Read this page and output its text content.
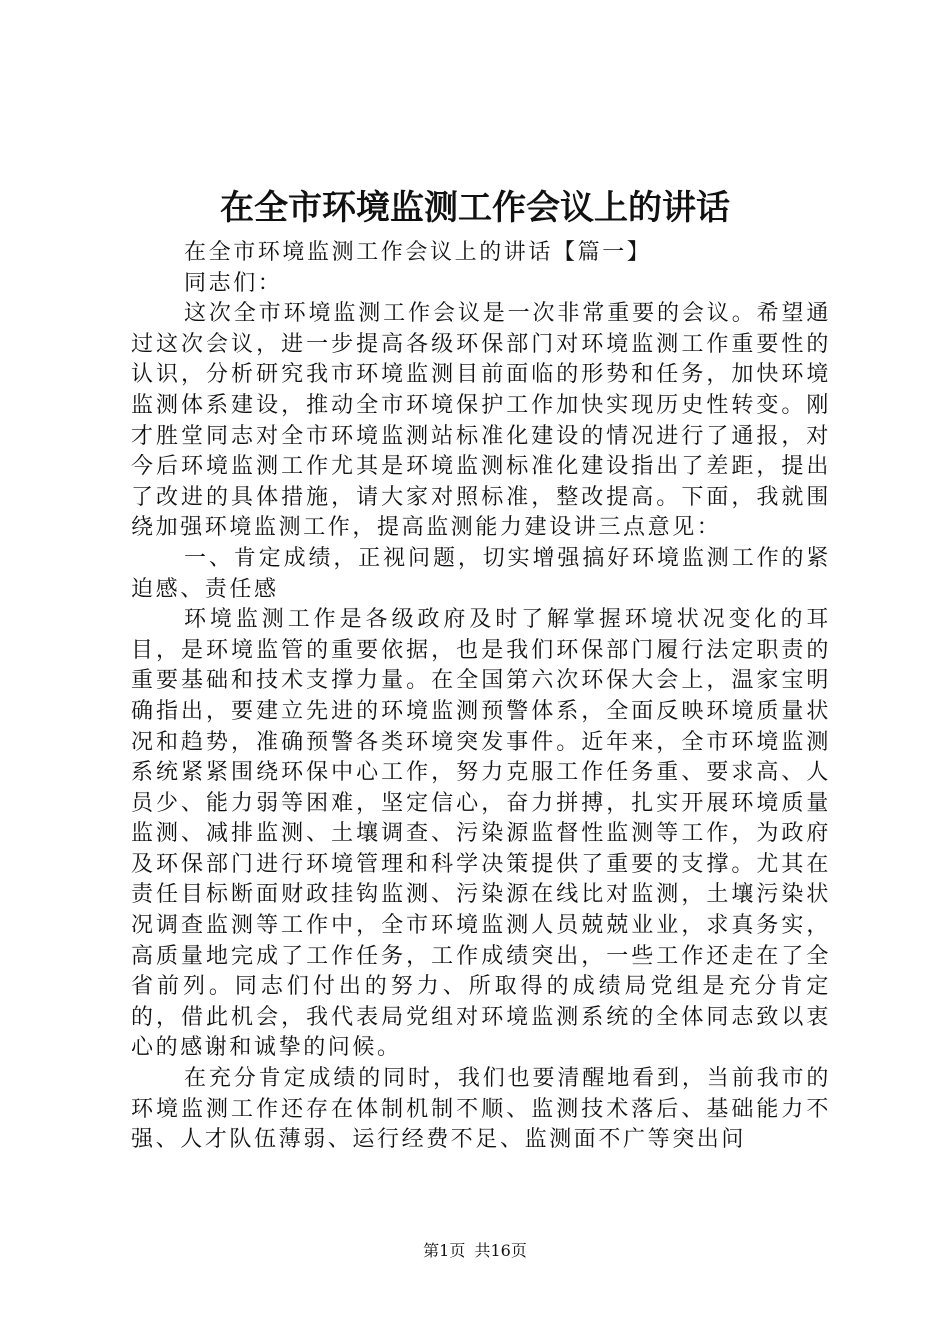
在全市环境监测工作会议上的讲话

在全市环境监测工作会议上的讲话【篇一】

同志们：

这次全市环境监测工作会议是一次非常重要的会议。希望通过这次会议，进一步提高各级环保部门对环境监测工作重要性的认识，分析研究我市环境监测目前面临的形势和任务，加快环境监测体系建设，推动全市环境保护工作加快实现历史性转变。刚才胜堂同志对全市环境监测站标准化建设的情况进行了通报，对今后环境监测工作尤其是环境监测标准化建设指出了差距，提出了改进的具体措施，请大家对照标准，整改提高。下面，我就围绕加强环境监测工作，提高监测能力建设讲三点意见：

一、肯定成绩，正视问题，切实增强搞好环境监测工作的紧迫感、责任感

环境监测工作是各级政府及时了解掌握环境状况变化的耳目，是环境监管的重要依据，也是我们环保部门履行法定职责的重要基础和技术支撑力量。在全国第六次环保大会上，温家宝明确指出，要建立先进的环境监测预警体系，全面反映环境质量状况和趋势，准确预警各类环境突发事件。近年来，全市环境监测系统紧紧围绕环保中心工作，努力克服工作任务重、要求高、人员少、能力弱等困难，坚定信心，奋力拼搏，扎实开展环境质量监测、减排监测、土壤调查、污染源监督性监测等工作，为政府及环保部门进行环境管理和科学决策提供了重要的支撑。尤其在责任目标断面财政挂钩监测、污染源在线比对监测，土壤污染状况调查监测等工作中，全市环境监测人员兢兢业业，求真务实，高质量地完成了工作任务，工作成绩突出，一些工作还走在了全省前列。同志们付出的努力、所取得的成绩局党组是充分肯定的，借此机会，我代表局党组对环境监测系统的全体同志致以衷心的感谢和诚挚的问候。

在充分肯定成绩的同时，我们也要清醒地看到，当前我市的环境监测工作还存在体制机制不顺、监测技术落后、基础能力不强、人才队伍薄弱、运行经费不足、监测面不广等突出问

第1页 共16页
